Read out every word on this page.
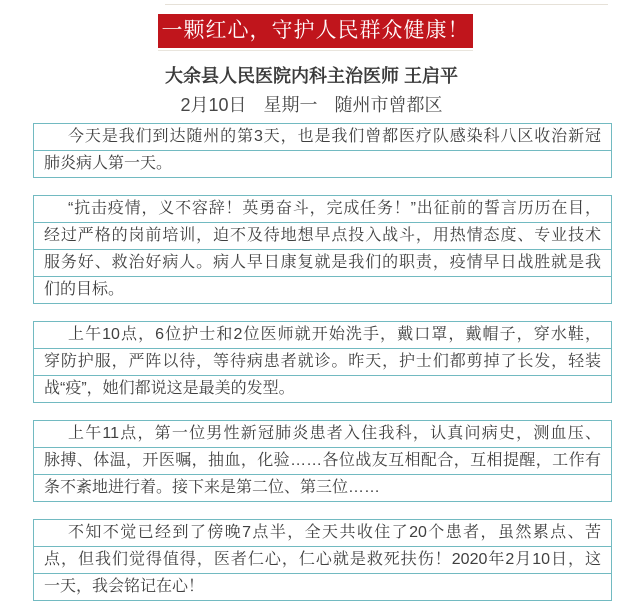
一颗红心，守护人民群众健康！
大余县人民医院内科主治医师 王启平
2月10日 星期一 随州市曾都区
今天是我们到达随州的第3天，也是我们曾都医疗队感染科八区收治新冠
肺炎病人第一天。
“抗击疫情，义不容辞！英勇奋斗，完成任务！”出征前的誓言历历在目，
经过严格的岗前培训，迫不及待地想早点投入战斗，用热情态度、专业技术
服务好、救治好病人。病人早日康复就是我们的职责，疫情早日战胜就是我
们的目标。
上午10点，6位护士和2位医师就开始洗手，戴口罩，戴帽子，穿水鞋，
穿防护服，严阵以待，等待病患者就诊。昨天，护士们都剪掉了长发，轻装
战“疫”，她们都说这是最美的发型。
上午11点，第一位男性新冠肺炎患者入住我科，认真问病史，测血压、
脉搏、体温，开医嘱，抽血，化验……各位战友互相配合，互相提醒，工作有
条不紊地进行着。接下来是第二位、第三位……
不知不觉已经到了傍晚7点半，全天共收住了20个患者，虽然累点、苦
点，但我们觉得值得，医者仁心，仁心就是救死扶伤！2020年2月10日，这
一天，我会铭记在心！
